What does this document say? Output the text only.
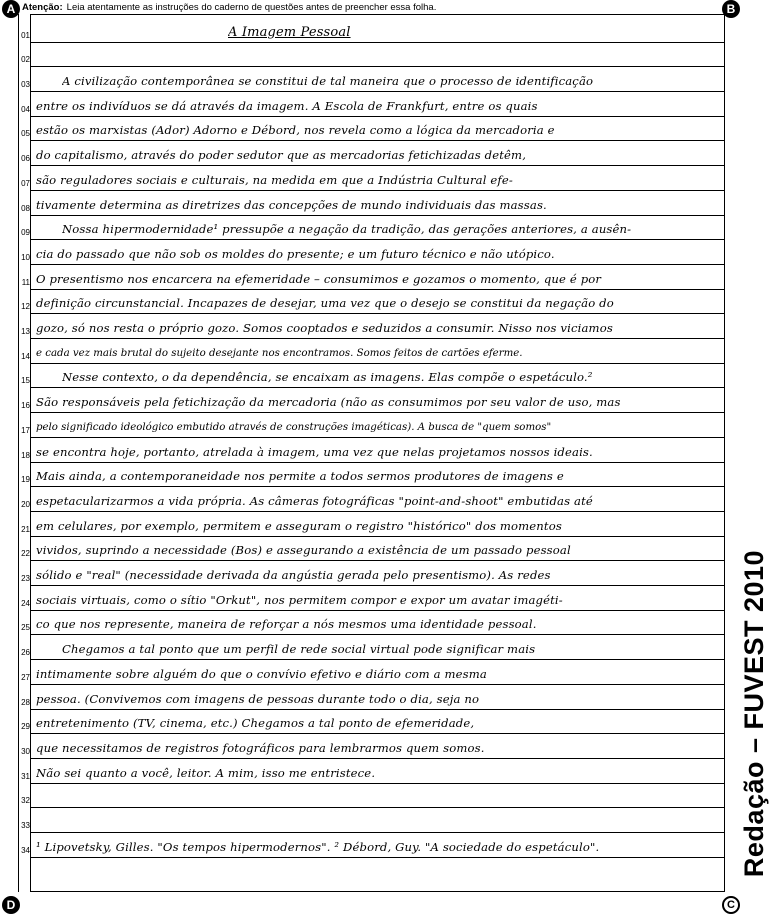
A Atenção: Leia atentamente as instruções do caderno de questões antes de preencher essa folha.	B
01	A Imagem Pessoal
02
03	A civilização contemporânea se constitui de tal maneira que o processo de identificação
04 entre os indivíduos se dá através da imagem. A Escola de Frankfurt, entre os quais
05 estão os marxistas (Ador) Adorno e Débord, nos revela como a lógica da mercadoria e
06 do capitalismo, através do poder sedutor que as mercadorias fetichizadas detêm,
07 são reguladores sociais e culturais, na medida em que a Indústria Cultural efe-
08 tivamente determina as diretrizes das concepções de mundo individuais das massas.
09	Nossa hipermodernidade¹ pressupõe a negação da tradição, das gerações anteriores, a ausên-
10 cia do passado que não sob os moldes do presente; e um futuro técnico e não utópico.
11 O presentismo nos encarcera na efemeridade – consumimos e gozamos o momento, que é por
12 definição circunstancial. Incapazes de desejar, uma vez que o desejo se constitui da negação do
13 gozo, só nos resta o próprio gozo. Somos cooptados e seduzidos a consumir. Nisso nos viciamos
14 e cada vez mais brutal do sujeito desejante nos encontramos. Somos feitos de cartões eferme.
15	Nesse contexto, o da dependência, se encaixam as imagens. Elas compõe o espetáculo.²
16 São responsáveis pela fetichização da mercadoria (não as consumimos por seu valor de uso, mas
17 pelo significado ideológico embutido através de construções imagéticas). A busca de "quem somos"
18 se encontra hoje, portanto, atrelada à imagem, uma vez que nelas projetamos nossos ideais.
19 Mais ainda, a contemporaneidade nos permite a todos sermos produtores de imagens e
20 espetacularizarmos a vida própria. As câmeras fotográficas "point-and-shoot" embutidas até
21 em celulares, por exemplo, permitem e asseguram o registro "histórico" dos momentos
22 vividos, suprindo a necessidade (Bos) e assegurando a existência de um passado pessoal
23 sólido e "real" (necessidade derivada da angústia gerada pelo presentismo). As redes
24 sociais virtuais, como o sítio "Orkut", nos permitem compor e expor um avatar imagéti-
25 co que nos represente, maneira de reforçar a nós mesmos uma identidade pessoal.
26	Chegamos a tal ponto que um perfil de rede social virtual pode significar mais
27 intimamente sobre alguém do que o convívio efetivo e diário com a mesma
28 pessoa. (Convivemos com imagens de pessoas durante todo o dia, seja no
29 entretenimento (TV, cinema, etc.) Chegamos a tal ponto de efemeridade,
30 que necessitamos de registros fotográficos para lembrarmos quem somos.
31 Não sei quanto a você, leitor. A mim, isso me entristece.
32
33
34 ¹ Lipovetsky, Gilles. "Os tempos hipermodernos". ² Débord, Guy. "A sociedade do espetáculo".	Redação – FUVEST 2010
D	C
